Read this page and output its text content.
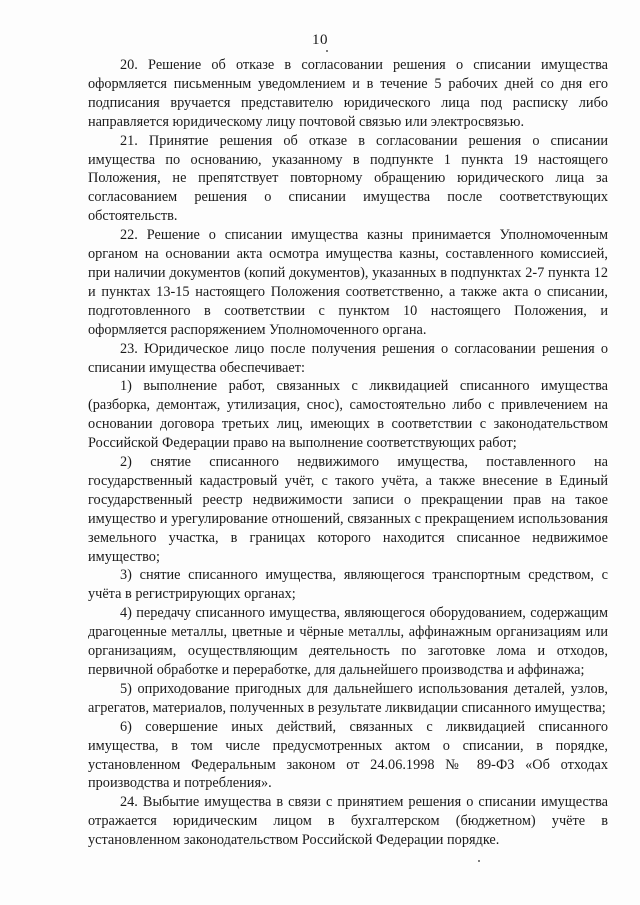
10

20. Решение об отказе в согласовании решения о списании имущества оформляется письменным уведомлением и в течение 5 рабочих дней со дня его подписания вручается представителю юридического лица под расписку либо направляется юридическому лицу почтовой связью или электросвязью.

21. Принятие решения об отказе в согласовании решения о списании имущества по основанию, указанному в подпункте 1 пункта 19 настоящего Положения, не препятствует повторному обращению юридического лица за согласованием решения о списании имущества после соответствующих обстоятельств.

22. Решение о списании имущества казны принимается Уполномоченным органом на основании акта осмотра имущества казны, составленного комиссией, при наличии документов (копий документов), указанных в подпунктах 2-7 пункта 12 и пунктах 13-15 настоящего Положения соответственно, а также акта о списании, подготовленного в соответствии с пунктом 10 настоящего Положения, и оформляется распоряжением Уполномоченного органа.

23. Юридическое лицо после получения решения о согласовании решения о списании имущества обеспечивает:

1) выполнение работ, связанных с ликвидацией списанного имущества (разборка, демонтаж, утилизация, снос), самостоятельно либо с привлечением на основании договора третьих лиц, имеющих в соответствии с законодательством Российской Федерации право на выполнение соответствующих работ;

2) снятие списанного недвижимого имущества, поставленного на государственный кадастровый учёт, с такого учёта, а также внесение в Единый государственный реестр недвижимости записи о прекращении прав на такое имущество и урегулирование отношений, связанных с прекращением использования земельного участка, в границах которого находится списанное недвижимое имущество;

3) снятие списанного имущества, являющегося транспортным средством, с учёта в регистрирующих органах;

4) передачу списанного имущества, являющегося оборудованием, содержащим драгоценные металлы, цветные и чёрные металлы, аффинажным организациям или организациям, осуществляющим деятельность по заготовке лома и отходов, первичной обработке и переработке, для дальнейшего производства и аффинажа;

5) оприходование пригодных для дальнейшего использования деталей, узлов, агрегатов, материалов, полученных в результате ликвидации списанного имущества;

6) совершение иных действий, связанных с ликвидацией списанного имущества, в том числе предусмотренных актом о списании, в порядке, установленном Федеральным законом от 24.06.1998 № 89-ФЗ «Об отходах производства и потребления».

24. Выбытие имущества в связи с принятием решения о списании имущества отражается юридическим лицом в бухгалтерском (бюджетном) учёте в установленном законодательством Российской Федерации порядке.
